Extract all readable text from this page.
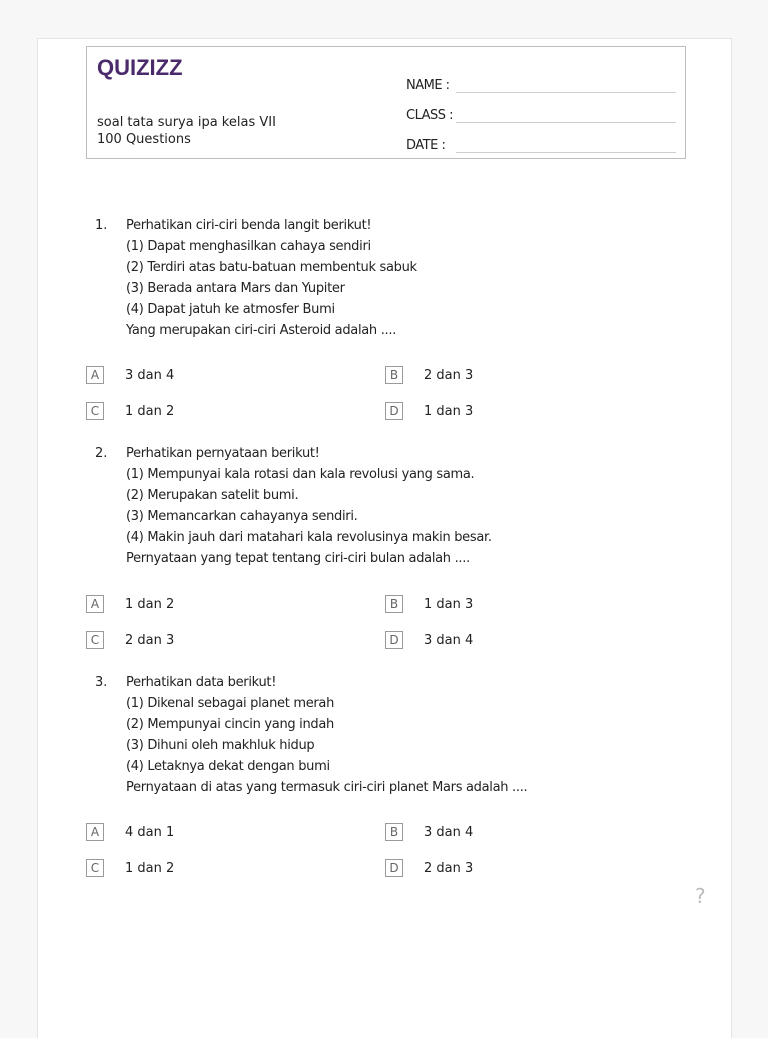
QUIZIZZ
soal tata surya ipa kelas VII
100 Questions
NAME :
CLASS :
DATE :
1. Perhatikan ciri-ciri benda langit berikut!
(1) Dapat menghasilkan cahaya sendiri
(2) Terdiri atas batu-batuan membentuk sabuk
(3) Berada antara Mars dan Yupiter
(4) Dapat jatuh ke atmosfer Bumi
Yang merupakan ciri-ciri Asteroid adalah ....
A	3 dan 4	B	2 dan 3
C	1 dan 2	D	1 dan 3
2. Perhatikan pernyataan berikut!
(1) Mempunyai kala rotasi dan kala revolusi yang sama.
(2) Merupakan satelit bumi.
(3) Memancarkan cahayanya sendiri.
(4) Makin jauh dari matahari kala revolusinya makin besar.
Pernyataan yang tepat tentang ciri-ciri bulan adalah ....
A	1 dan 2	B	1 dan 3
C	2 dan 3	D	3 dan 4
3. Perhatikan data berikut!
(1) Dikenal sebagai planet merah
(2) Mempunyai cincin yang indah
(3) Dihuni oleh makhluk hidup
(4) Letaknya dekat dengan bumi
Pernyataan di atas yang termasuk ciri-ciri planet Mars adalah ....
A	4 dan 1	B	3 dan 4
C	1 dan 2	D	2 dan 3
?
